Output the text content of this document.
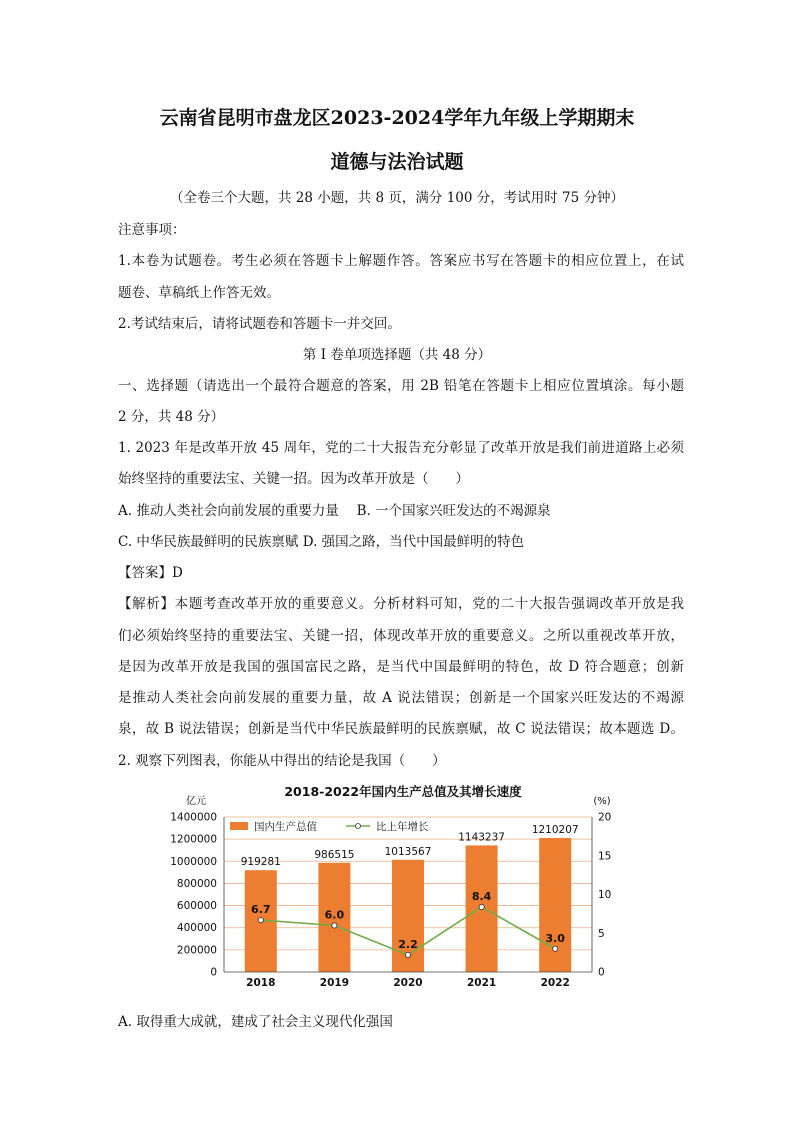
云南省昆明市盘龙区2023-2024学年九年级上学期期末
道德与法治试题
（全卷三个大题，共 28 小题，共 8 页，满分 100 分，考试用时 75 分钟）
注意事项：
1.本卷为试题卷。考生必须在答题卡上解题作答。答案应书写在答题卡的相应位置上，在试
题卷、草稿纸上作答无效。
2.考试结束后，请将试题卷和答题卡一并交回。
第 I 卷单项选择题（共 48 分）
一、选择题（请选出一个最符合题意的答案，用 2B 铅笔在答题卡上相应位置填涂。每小题
2 分，共 48 分）
1. 2023 年是改革开放 45 周年，党的二十大报告充分彰显了改革开放是我们前进道路上必须
始终坚持的重要法宝、关键一招。因为改革开放是（　　）
A. 推动人类社会向前发展的重要力量　 B. 一个国家兴旺发达的不竭源泉
C. 中华民族最鲜明的民族禀赋 D. 强国之路，当代中国最鲜明的特色
【答案】D
【解析】本题考查改革开放的重要意义。分析材料可知，党的二十大报告强调改革开放是我
们必须始终坚持的重要法宝、关键一招，体现改革开放的重要意义。之所以重视改革开放，
是因为改革开放是我国的强国富民之路，是当代中国最鲜明的特色，故 D 符合题意；创新
是推动人类社会向前发展的重要力量，故 A 说法错误；创新是一个国家兴旺发达的不竭源
泉，故 B 说法错误；创新是当代中华民族最鲜明的民族禀赋，故 C 说法错误；故本题选 D。
2. 观察下列图表，你能从中得出的结论是我国（　　）
2018-2022年国内生产总值及其增长速度
亿元	(%)
919281
986515	1013567
1143237
1210207
6.7	6.0
2.2
8.4
3.0
0
200000
400000
600000
800000
1000000
1200000
1400000
0
5
10
15
20
2018	2019	2020	2021	2022
国内生产总值	比上年增长
A. 取得重大成就，建成了社会主义现代化强国
